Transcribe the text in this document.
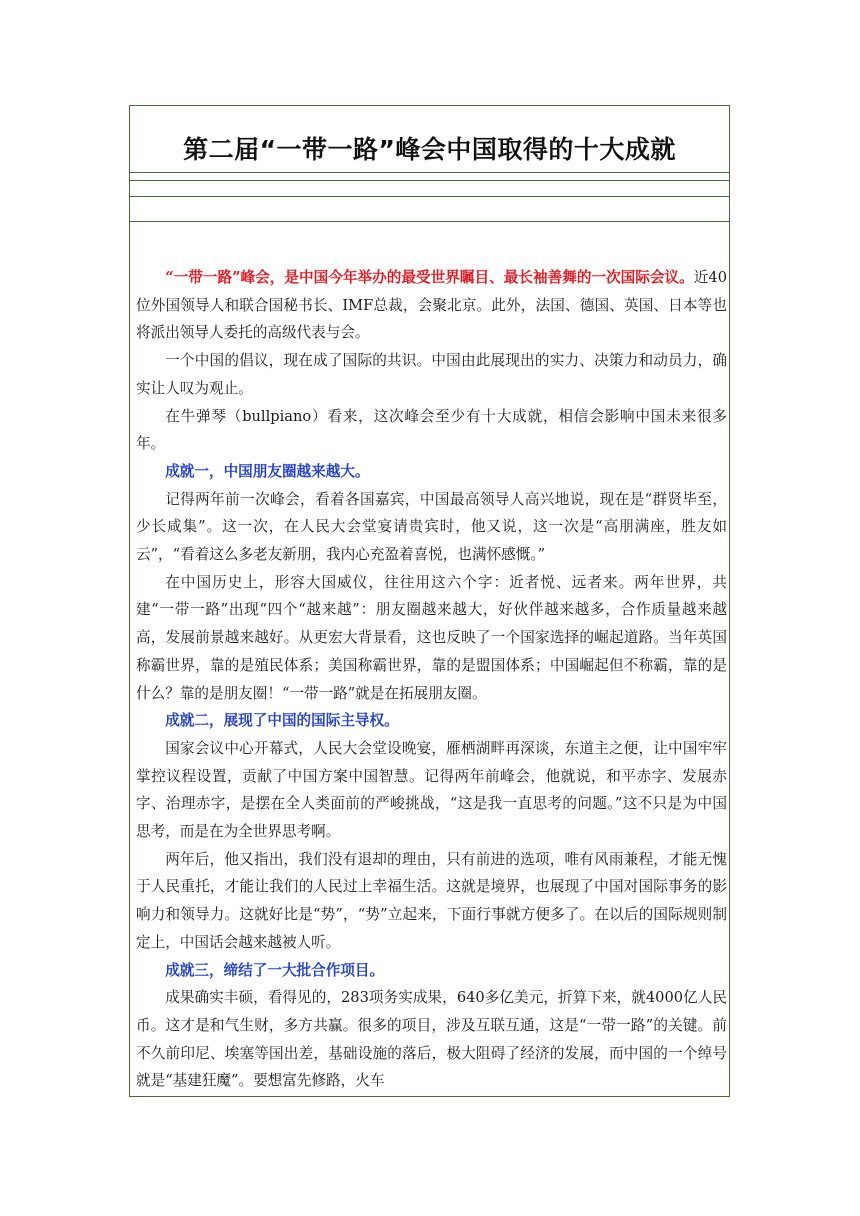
第二届“一带一路”峰会中国取得的十大成就

“一带一路”峰会，是中国今年举办的最受世界瞩目、最长袖善舞的一次国际会议。近40位外国领导人和联合国秘书长、IMF总裁，会聚北京。此外，法国、德国、英国、日本等也将派出领导人委托的高级代表与会。

一个中国的倡议，现在成了国际的共识。中国由此展现出的实力、决策力和动员力，确实让人叹为观止。

在牛弹琴（bullpiano）看来，这次峰会至少有十大成就，相信会影响中国未来很多年。

成就一，中国朋友圈越来越大。

记得两年前一次峰会，看着各国嘉宾，中国最高领导人高兴地说，现在是“群贤毕至，少长咸集”。这一次，在人民大会堂宴请贵宾时，他又说，这一次是“高朋满座，胜友如云”，“看着这么多老友新朋，我内心充盈着喜悦，也满怀感慨。”

在中国历史上，形容大国威仪，往往用这六个字：近者悦、远者来。两年世界，共建“一带一路”出现“四个“越来越”：朋友圈越来越大，好伙伴越来越多，合作质量越来越高，发展前景越来越好。从更宏大背景看，这也反映了一个国家选择的崛起道路。当年英国称霸世界，靠的是殖民体系；美国称霸世界，靠的是盟国体系；中国崛起但不称霸，靠的是什么？靠的是朋友圈！“一带一路”就是在拓展朋友圈。

成就二，展现了中国的国际主导权。

国家会议中心开幕式，人民大会堂设晚宴，雁栖湖畔再深谈，东道主之便，让中国牢牢掌控议程设置，贡献了中国方案中国智慧。记得两年前峰会，他就说，和平赤字、发展赤字、治理赤字，是摆在全人类面前的严峻挑战，“这是我一直思考的问题。”这不只是为中国思考，而是在为全世界思考啊。

两年后，他又指出，我们没有退却的理由，只有前进的选项，唯有风雨兼程，才能无愧于人民重托，才能让我们的人民过上幸福生活。这就是境界，也展现了中国对国际事务的影响力和领导力。这就好比是“势”，“势”立起来，下面行事就方便多了。在以后的国际规则制定上，中国话会越来越被人听。

成就三，缔结了一大批合作项目。

成果确实丰硕，看得见的，283项务实成果，640多亿美元，折算下来，就4000亿人民币。这才是和气生财，多方共赢。很多的项目，涉及互联互通，这是“一带一路”的关键。前不久前印尼、埃塞等国出差，基础设施的落后，极大阻碍了经济的发展，而中国的一个绰号就是“基建狂魔”。要想富先修路，火车
